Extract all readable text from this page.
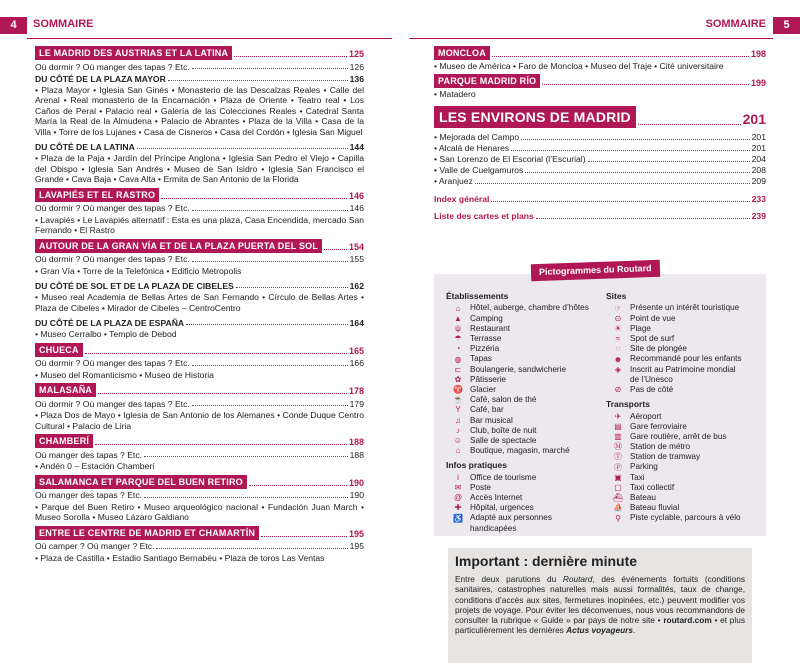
4	SOMMAIRE	SOMMAIRE	5
LE MADRID DES AUSTRIAS ET LA LATINA	125
Où dormir ? Où manger des tapas ? Etc.	126
DU CÔTÉ DE LA PLAZA MAYOR	136
• Plaza Mayor • Iglesia San Ginés • Monasterio de las Descalzas Reales • Calle del Arenal • Real monasterio de la Encarnación • Plaza de Oriente • Teatro real • Los Caños de Peral • Palacio real • Galería de las Colecciones Reales • Catedral Santa María la Real de la Almudena • Palacio de Abrantes • Plaza de la Villa • Casa de la Villa • Torre de los Lujanes • Casa de Cisneros • Casa del Cordón • Iglesia San Miguel
DU CÔTÉ DE LA LATINA	144
• Plaza de la Paja • Jardín del Príncipe Anglona • Iglesia San Pedro el Viejo • Capilla del Obispo • Iglesia San Andrés • Museo de San Isidro • Iglesia San Francisco el Grande • Cava Baja • Cava Alta • Ermita de San Antonio de la Florida
LAVAPIÉS ET EL RASTRO	146
Où dormir ? Où manger des tapas ? Etc.	146
• Lavapiés • Le Lavapiés alternatif : Esta es una plaza, Casa Encendida, mercado San Fernando • El Rastro
AUTOUR DE LA GRAN VÍA ET DE LA PLAZA PUERTA DEL SOL	154
Où dormir ? Où manger des tapas ? Etc.	155
• Gran Vía • Torre de la Telefónica • Edificio Metropolis
DU CÔTÉ DE SOL ET DE LA PLAZA DE CIBELES	162
• Museo real Academia de Bellas Artes de San Fernando • Círculo de Bellas Artes • Plaza de Cibeles • Mirador de Cibeles – CentroCentro
DU CÔTÉ DE LA PLAZA DE ESPAÑA	164
• Museo Cerralbo • Templo de Debod
CHUECA	165
Où dormir ? Où manger des tapas ? Etc.	166
• Museo del Romanticismo • Museo de Historia
MALASAÑA	178
Où dormir ? Où manger des tapas ? Etc.	179
• Plaza Dos de Mayo • Iglesia de San Antonio de los Alemanes • Conde Duque Centro Cultural • Palacio de Liria
CHAMBERÍ	188
Où manger des tapas ? Etc.	188
• Andén 0 – Estación Chamberí
SALAMANCA ET PARQUE DEL BUEN RETIRO	190
Où manger des tapas ? Etc.	190
• Parque del Buen Retiro • Museo arqueológico nacional • Fundación Juan March • Museo Sorolla • Museo Lázaro Galdiano
ENTRE LE CENTRE DE MADRID ET CHAMARTÍN	195
Où camper ? Où manger ? Etc.	195
• Plaza de Castilla • Estadio Santiago Bernabéu • Plaza de toros Las Ventas
MONCLOA	198
• Museo de América • Faro de Moncloa • Museo del Traje • Cité universitaire
PARQUE MADRID RÍO	199
• Matadero
LES ENVIRONS DE MADRID	201
• Mejorada del Campo	201
• Alcalá de Henares	201
• San Lorenzo de El Escorial (l’Escurial)	204
• Valle de Cuelgamuros	208
• Aranjuez	209
Index général	233
Liste des cartes et plans	239
Pictogrammes du Routard
Établissements
⌂	Hôtel, auberge, chambre d’hôtes
▲ Camping
ψ	Restaurant
☂	Terrasse
◔	Pizzéria
◍	Tapas
⊏	Boulangerie, sandwicherie
✿	Pâtisserie
♈ Glacier
☕ Café, salon de thé
Y	Café, bar
♫	Bar musical
♪	Club, boîte de nuit
☺ Salle de spectacle
⌂	Boutique, magasin, marché
Infos pratiques
i	Office de tourisme
✉	Poste
@ Accès Internet
✚	Hôpital, urgences
♿ Adapté aux personnes
handicapées
Sites
☞	Présente un intérêt touristique
⊙	Point de vue
☀	Plage
≈	Spot de surf
◌	Site de plongée
☻ Recommandé pour les enfants
◈	Inscrit au Patrimoine mondial
de l’Unesco
⊘	Pas de côté
Transports
✈	Aéroport
▤	Gare ferroviaire
▥	Gare routière, arrêt de bus
Ⓜ Station de métro
Ⓣ Station de tramway
Ⓟ Parking
▣	Taxi
▢	Taxi collectif
⛴ Bateau
⛵ Bateau fluvial
⚲	Piste cyclable, parcours à vélo
Important : dernière minute
Entre deux parutions du Routard, des événements fortuits (conditions sanitaires, catastrophes naturelles mais aussi formalités, taux de change, conditions d’accès aux sites, fermetures inopinées, etc.) peuvent modifier vos projets de voyage. Pour éviter les déconvenues, nous vous recommandons de consulter la rubrique « Guide » par pays de notre site • routard.com • et plus particulièrement les dernières Actus voyageurs.
